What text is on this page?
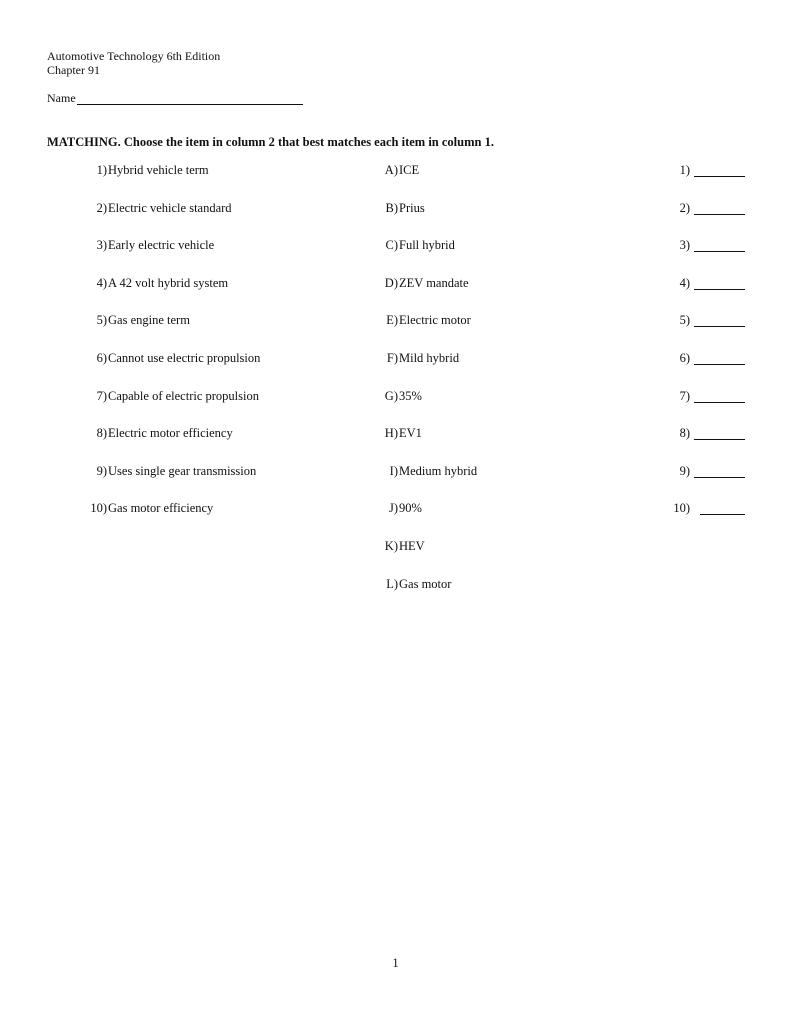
Automotive Technology 6th Edition
Chapter 91
Name
MATCHING. Choose the item in column 2 that best matches each item in column 1.
1) Hybrid vehicle term	A) ICE	1)
2) Electric vehicle standard	B) Prius	2)
3) Early electric vehicle	C) Full hybrid	3)
4) A 42 volt hybrid system	D) ZEV mandate	4)
5) Gas engine term	E) Electric motor	5)
6) Cannot use electric propulsion	F) Mild hybrid	6)
7) Capable of electric propulsion	G) 35%	7)
8) Electric motor efficiency	H) EV1	8)
9) Uses single gear transmission	I) Medium hybrid	9)
10) Gas motor efficiency	J) 90%	10)
K) HEV
L) Gas motor
1
